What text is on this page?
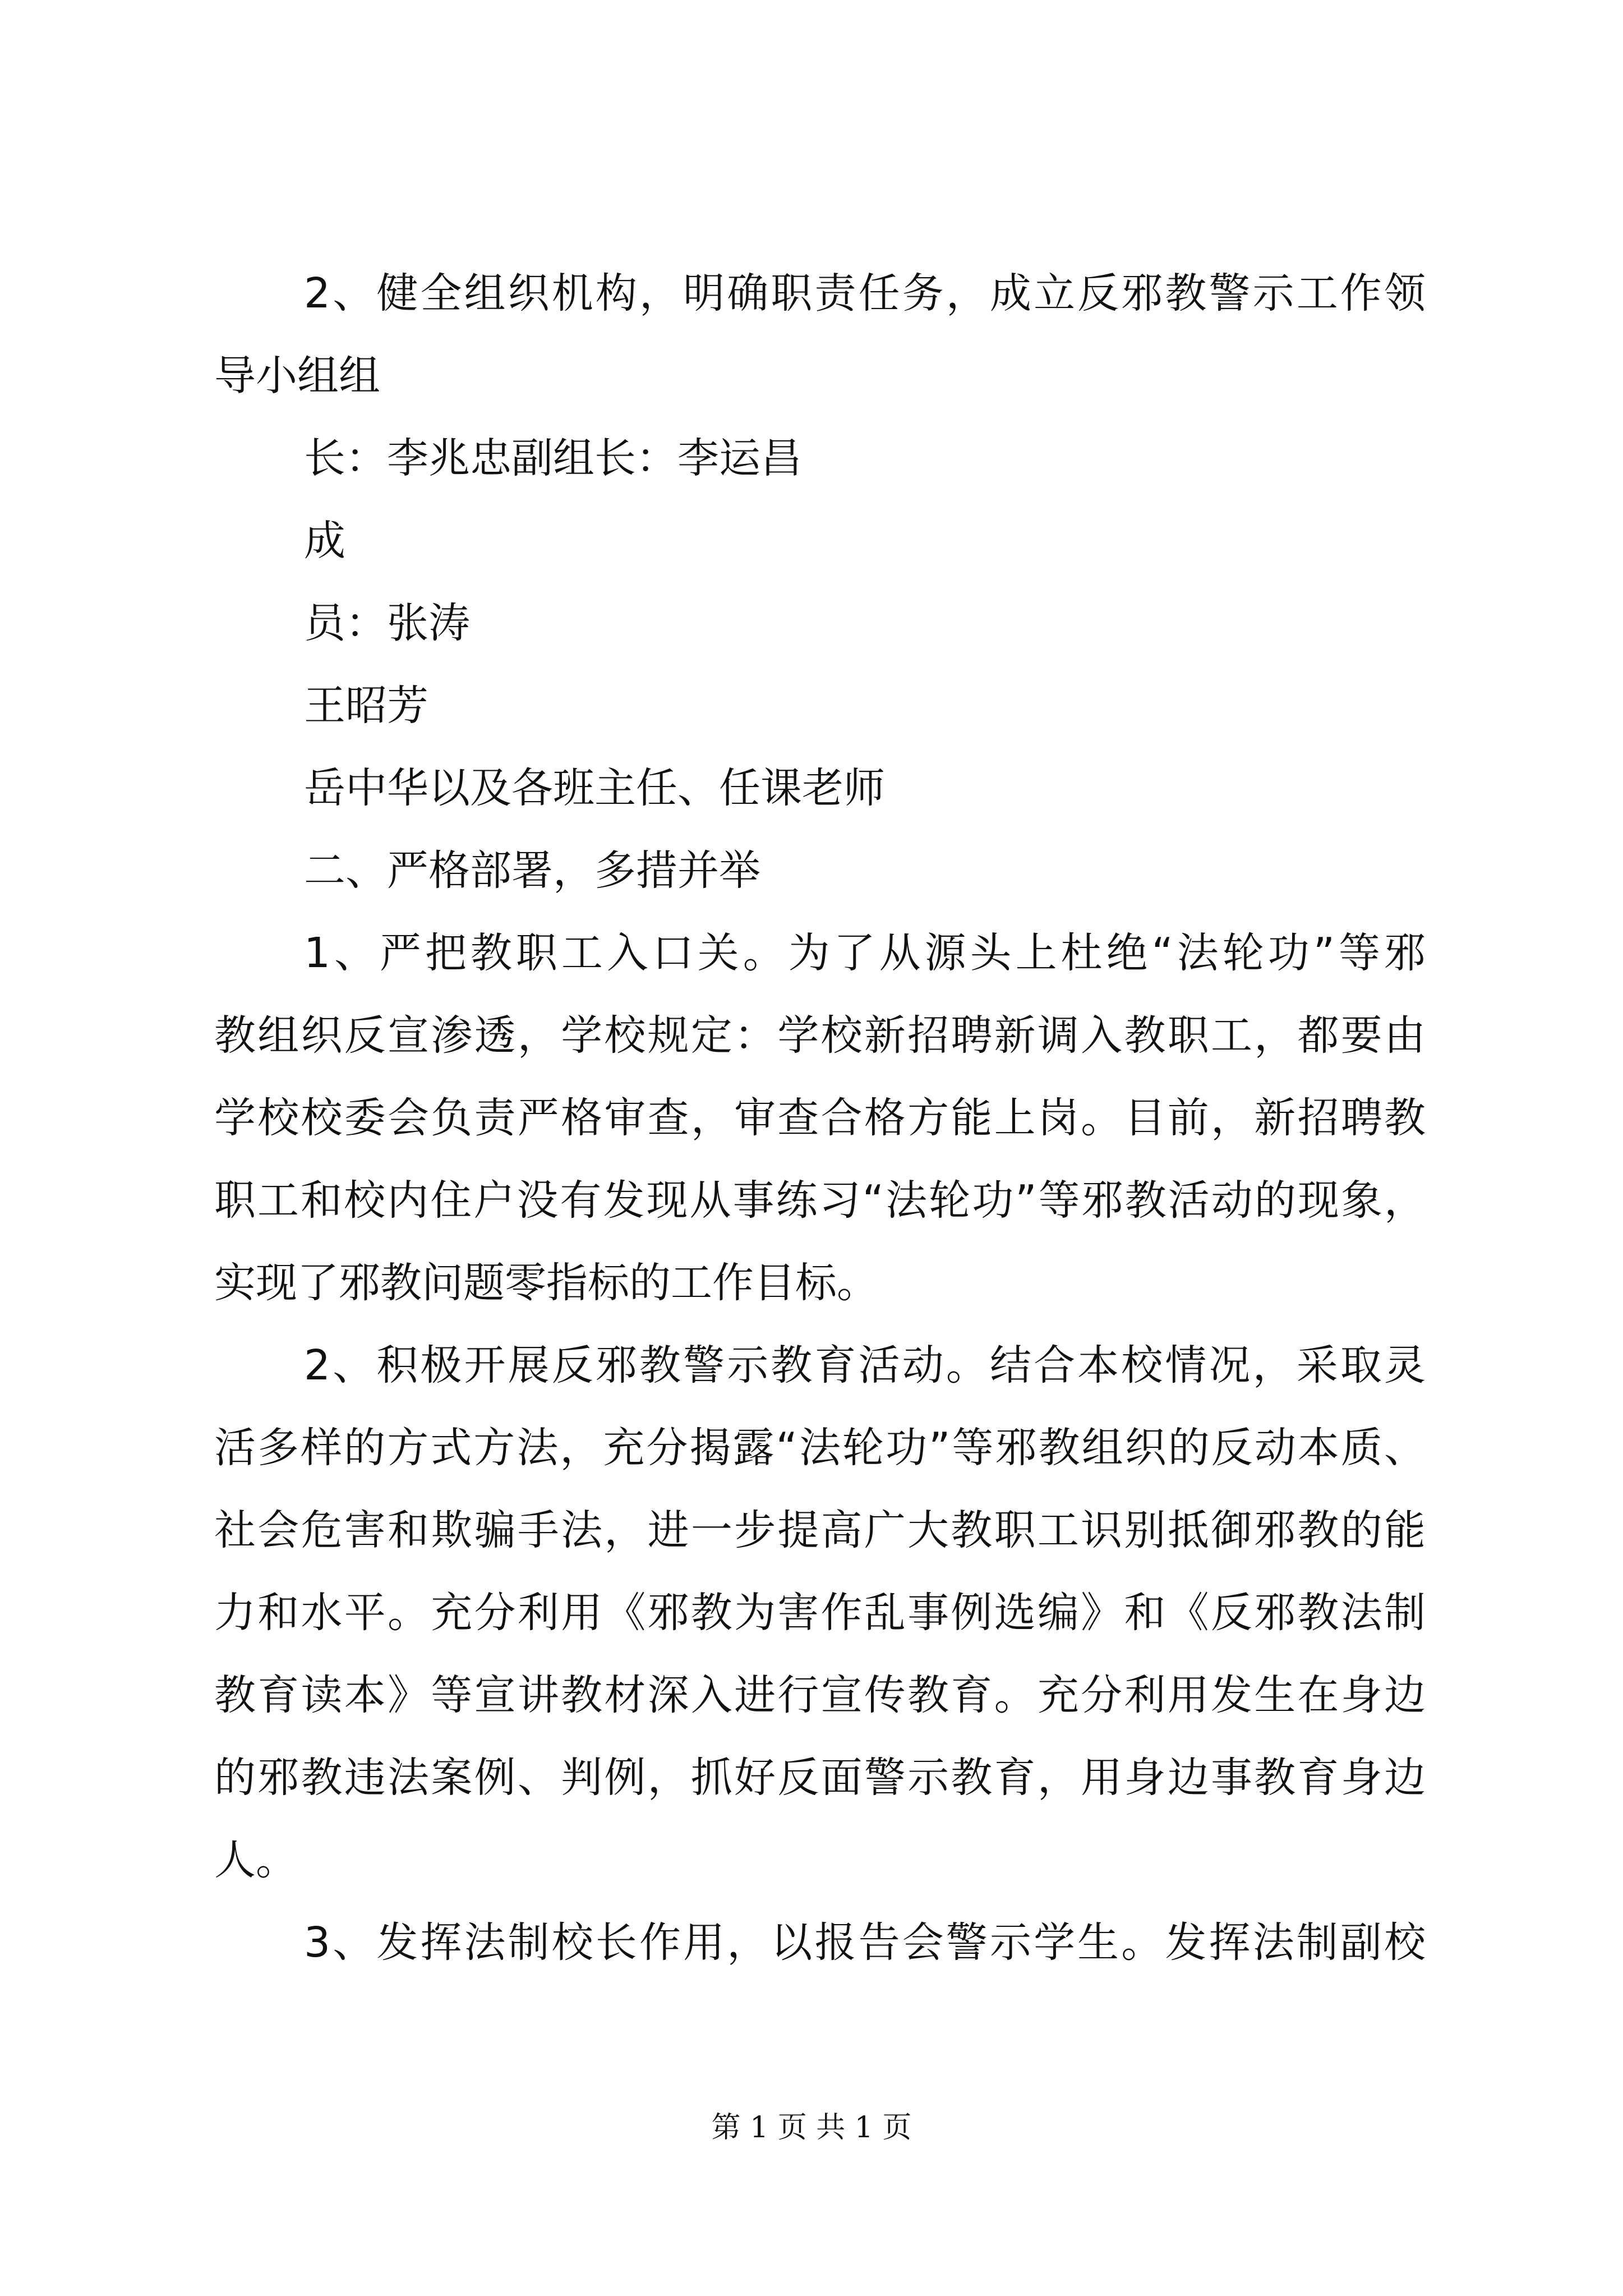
2、健全组织机构，明确职责任务，成立反邪教警示工作领
导小组组
长：李兆忠副组长：李运昌
成
员：张涛
王昭芳
岳中华以及各班主任、任课老师
二、严格部署，多措并举
1、严把教职工入口关。为了从源头上杜绝“法轮功”等邪
教组织反宣渗透，学校规定：学校新招聘新调入教职工，都要由
学校校委会负责严格审查，审查合格方能上岗。目前，新招聘教
职工和校内住户没有发现从事练习“法轮功”等邪教活动的现象，
实现了邪教问题零指标的工作目标。
2、积极开展反邪教警示教育活动。结合本校情况，采取灵
活多样的方式方法，充分揭露“法轮功”等邪教组织的反动本质、
社会危害和欺骗手法，进一步提高广大教职工识别抵御邪教的能
力和水平。充分利用《邪教为害作乱事例选编》和《反邪教法制
教育读本》等宣讲教材深入进行宣传教育。充分利用发生在身边
的邪教违法案例、判例，抓好反面警示教育，用身边事教育身边
人。
3、发挥法制校长作用，以报告会警示学生。发挥法制副校
第 1 页 共 1 页
